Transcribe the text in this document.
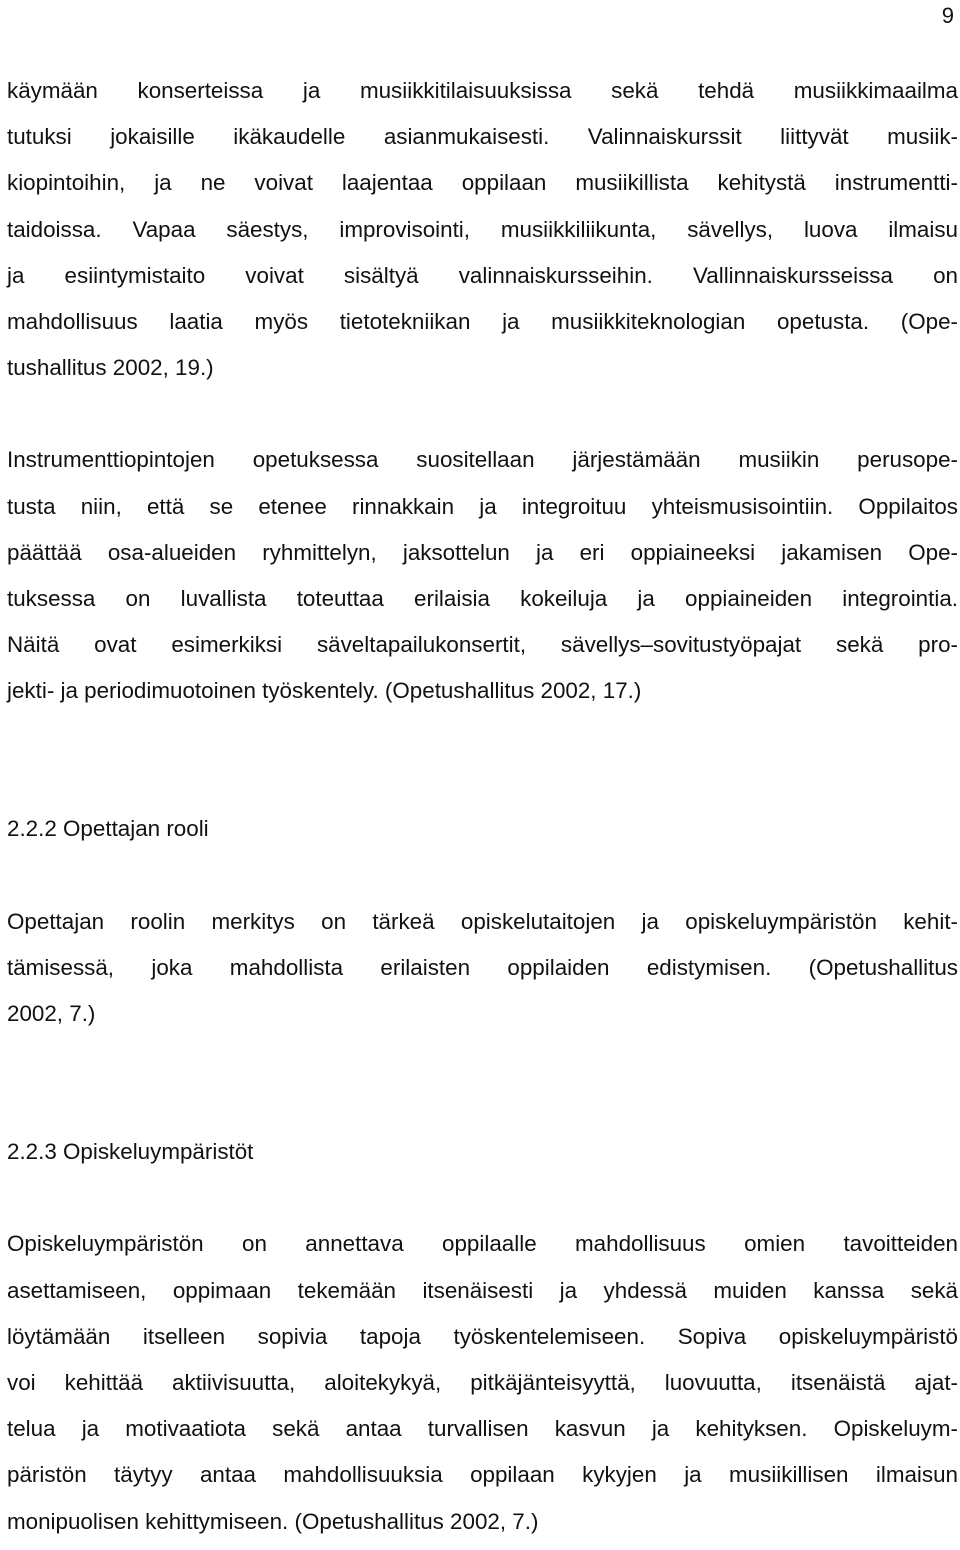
9
käymään konserteissa ja musiikkitilaisuuksissa sekä tehdä musiikkimaailma
tutuksi jokaisille ikäkaudelle asianmukaisesti. Valinnaiskurssit liittyvät musiik-
kiopintoihin, ja ne voivat laajentaa oppilaan musiikillista kehitystä instrumentti-
taidoissa. Vapaa säestys, improvisointi, musiikkiliikunta, sävellys, luova ilmaisu
ja esiintymistaito voivat sisältyä valinnaiskursseihin. Vallinnaiskursseissa on
mahdollisuus laatia myös tietotekniikan ja musiikkiteknologian opetusta. (Ope-
tushallitus 2002, 19.)
Instrumenttiopintojen opetuksessa suositellaan järjestämään musiikin perusope-
tusta niin, että se etenee rinnakkain ja integroituu yhteismusisointiin. Oppilaitos
päättää osa-alueiden ryhmittelyn, jaksottelun ja eri oppiaineeksi jakamisen Ope-
tuksessa on luvallista toteuttaa erilaisia kokeiluja ja oppiaineiden integrointia.
Näitä ovat esimerkiksi säveltapailukonsertit, sävellys–sovitustyöpajat sekä pro-
jekti- ja periodimuotoinen työskentely. (Opetushallitus 2002, 17.)
2.2.2 Opettajan rooli
Opettajan roolin merkitys on tärkeä opiskelutaitojen ja opiskeluympäristön kehit-
tämisessä, joka mahdollista erilaisten oppilaiden edistymisen. (Opetushallitus
2002, 7.)
2.2.3 Opiskeluympäristöt
Opiskeluympäristön on annettava oppilaalle mahdollisuus omien tavoitteiden
asettamiseen, oppimaan tekemään itsenäisesti ja yhdessä muiden kanssa sekä
löytämään itselleen sopivia tapoja työskentelemiseen. Sopiva opiskeluympäristö
voi kehittää aktiivisuutta, aloitekykyä, pitkäjänteisyyttä, luovuutta, itsenäistä ajat-
telua ja motivaatiota sekä antaa turvallisen kasvun ja kehityksen. Opiskeluym-
päristön täytyy antaa mahdollisuuksia oppilaan kykyjen ja musiikillisen ilmaisun
monipuolisen kehittymiseen. (Opetushallitus 2002, 7.)
